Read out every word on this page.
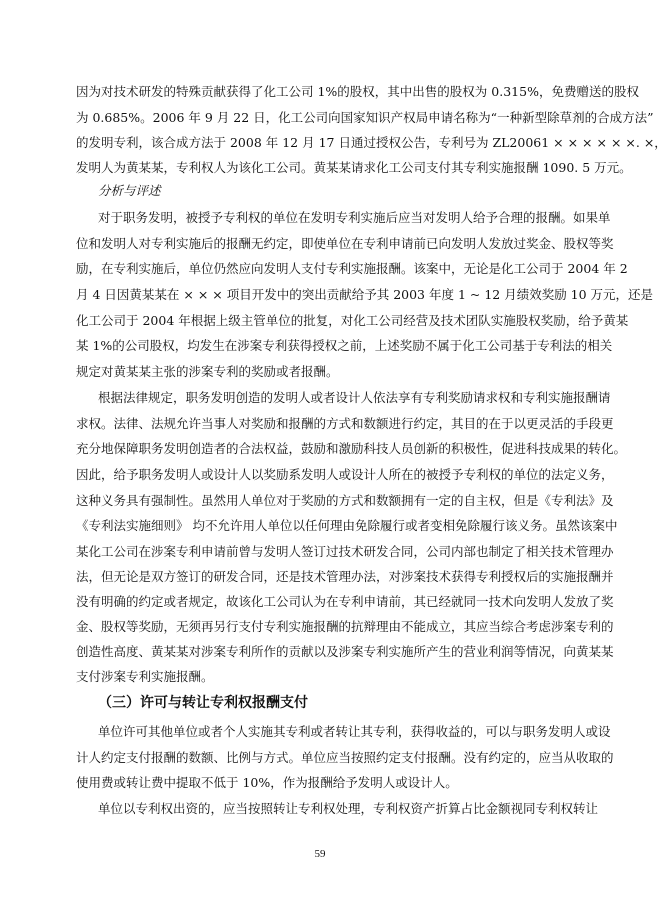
因为对技术研发的特殊贡献获得了化工公司 1%的股权，其中出售的股权为 0.315%，免费赠送的股权
为 0.685%。2006 年 9 月 22 日，化工公司向国家知识产权局申请名称为“一种新型除草剂的合成方法”
的发明专利，该合成方法于 2008 年 12 月 17 日通过授权公告，专利号为 ZL20061 × × × × × ×. ×，
发明人为黄某某，专利权人为该化工公司。黄某某请求化工公司支付其专利实施报酬 1090. 5 万元。
分析与评述
对于职务发明，被授予专利权的单位在发明专利实施后应当对发明人给予合理的报酬。如果单
位和发明人对专利实施后的报酬无约定，即使单位在专利申请前已向发明人发放过奖金、股权等奖
励，在专利实施后，单位仍然应向发明人支付专利实施报酬。该案中，无论是化工公司于 2004 年 2
月 4 日因黄某某在 × × × 项目开发中的突出贡献给予其 2003 年度 1 ~ 12 月绩效奖励 10 万元，还是
化工公司于 2004 年根据上级主管单位的批复，对化工公司经营及技术团队实施股权奖励，给予黄某
某 1%的公司股权，均发生在涉案专利获得授权之前，上述奖励不属于化工公司基于专利法的相关
规定对黄某某主张的涉案专利的奖励或者报酬。
根据法律规定，职务发明创造的发明人或者设计人依法享有专利奖励请求权和专利实施报酬请
求权。法律、法规允许当事人对奖励和报酬的方式和数额进行约定，其目的在于以更灵活的手段更
充分地保障职务发明创造者的合法权益，鼓励和激励科技人员创新的积极性，促进科技成果的转化。
因此，给予职务发明人或设计人以奖励系发明人或设计人所在的被授予专利权的单位的法定义务，
这种义务具有强制性。虽然用人单位对于奖励的方式和数额拥有一定的自主权，但是《专利法》及
《专利法实施细则》 均不允许用人单位以任何理由免除履行或者变相免除履行该义务。虽然该案中
某化工公司在涉案专利申请前曾与发明人签订过技术研发合同，公司内部也制定了相关技术管理办
法，但无论是双方签订的研发合同，还是技术管理办法，对涉案技术获得专利授权后的实施报酬并
没有明确的约定或者规定，故该化工公司认为在专利申请前，其已经就同一技术向发明人发放了奖
金、股权等奖励，无须再另行支付专利实施报酬的抗辩理由不能成立，其应当综合考虑涉案专利的
创造性高度、黄某某对涉案专利所作的贡献以及涉案专利实施所产生的营业利润等情况，向黄某某
支付涉案专利实施报酬。
（三）许可与转让专利权报酬支付
单位许可其他单位或者个人实施其专利或者转让其专利，获得收益的，可以与职务发明人或设
计人约定支付报酬的数额、比例与方式。单位应当按照约定支付报酬。没有约定的，应当从收取的
使用费或转让费中提取不低于 10%，作为报酬给予发明人或设计人。
单位以专利权出资的，应当按照转让专利权处理，专利权资产折算占比金额视同专利权转让
59
